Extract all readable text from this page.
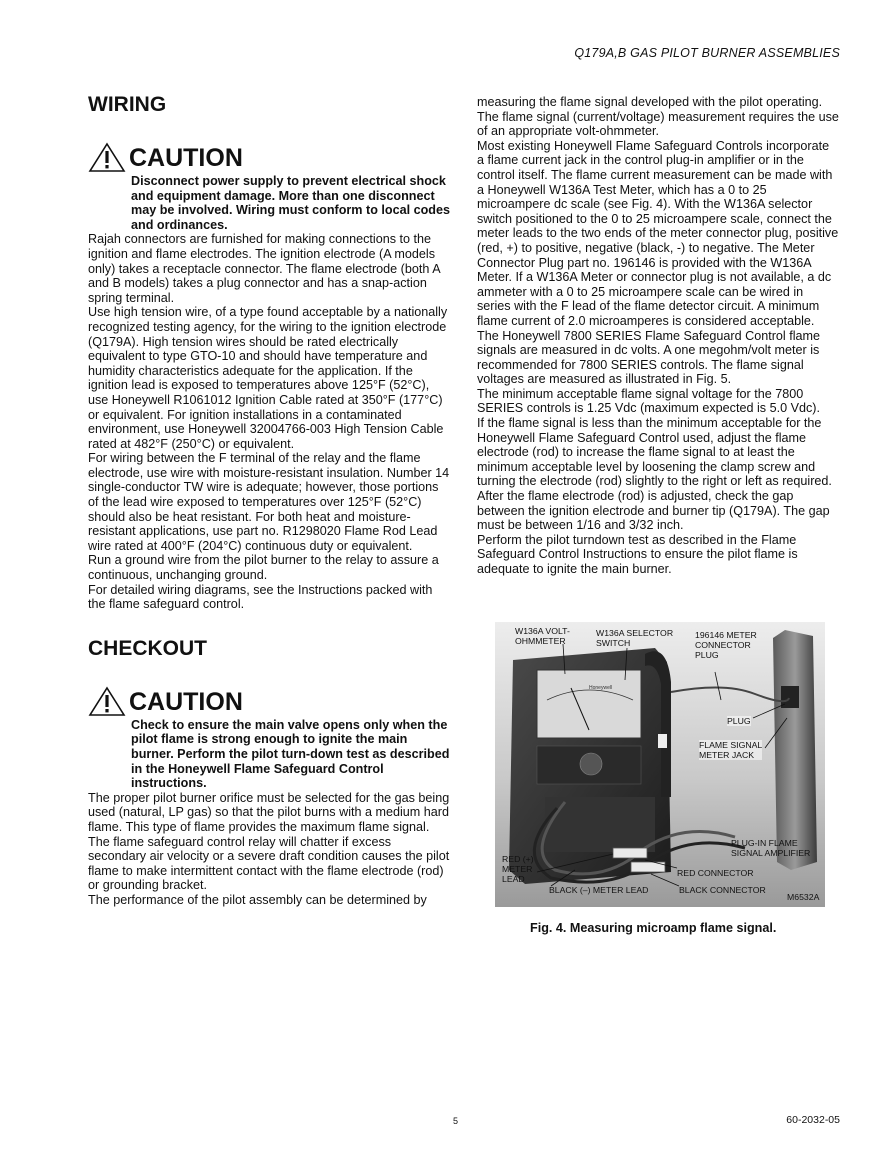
Q179A,B GAS PILOT BURNER ASSEMBLIES
WIRING
CAUTION

Disconnect power supply to prevent electrical shock and equipment damage. More than one disconnect may be involved. Wiring must conform to local codes and ordinances.

Rajah connectors are furnished for making connections to the ignition and flame electrodes. The ignition electrode (A models only) takes a receptacle connector. The flame electrode (both A and B models) takes a plug connector and has a snap-action spring terminal.

Use high tension wire, of a type found acceptable by a nationally recognized testing agency, for the wiring to the ignition electrode (Q179A). High tension wires should be rated electrically equivalent to type GTO-10 and should have temperature and humidity characteristics adequate for the application. If the ignition lead is exposed to temperatures above 125°F (52°C), use Honeywell R1061012 Ignition Cable rated at 350°F (177°C) or equivalent. For ignition installations in a contaminated environment, use Honeywell 32004766-003 High Tension Cable rated at 482°F (250°C) or equivalent.

For wiring between the F terminal of the relay and the flame electrode, use wire with moisture-resistant insulation. Number 14 single-conductor TW wire is adequate; however, those portions of the lead wire exposed to temperatures over 125°F (52°C) should also be heat resistant. For both heat and moisture-resistant applications, use part no. R1298020 Flame Rod Lead wire rated at 400°F (204°C) continuous duty or equivalent.

Run a ground wire from the pilot burner to the relay to assure a continuous, unchanging ground.

For detailed wiring diagrams, see the Instructions packed with the flame safeguard control.

CHECKOUT
CAUTION

Check to ensure the main valve opens only when the pilot flame is strong enough to ignite the main burner. Perform the pilot turn-down test as described in the Honeywell Flame Safeguard Control instructions.

The proper pilot burner orifice must be selected for the gas being used (natural, LP gas) so that the pilot burns with a medium hard flame. This type of flame provides the maximum flame signal.

The flame safeguard control relay will chatter if excess secondary air velocity or a severe draft condition causes the pilot flame to make intermittent contact with the flame electrode (rod) or grounding bracket.

The performance of the pilot assembly can be determined by

measuring the flame signal developed with the pilot operating. The flame signal (current/voltage) measurement requires the use of an appropriate volt-ohmmeter.

Most existing Honeywell Flame Safeguard Controls incorporate a flame current jack in the control plug-in amplifier or in the control itself. The flame current measurement can be made with a Honeywell W136A Test Meter, which has a 0 to 25 microampere dc scale (see Fig. 4). With the W136A selector switch positioned to the 0 to 25 microampere scale, connect the meter leads to the two ends of the meter connector plug, positive (red, +) to positive, negative (black, -) to negative. The Meter Connector Plug part no. 196146 is provided with the W136A Meter. If a W136A Meter or connector plug is not available, a dc ammeter with a 0 to 25 microampere scale can be wired in series with the F lead of the flame detector circuit. A minimum flame current of 2.0 microamperes is considered acceptable.

The Honeywell 7800 SERIES Flame Safeguard Control flame signals are measured in dc volts. A one megohm/volt meter is recommended for 7800 SERIES controls. The flame signal voltages are measured as illustrated in Fig. 5.

The minimum acceptable flame signal voltage for the 7800 SERIES controls is 1.25 Vdc (maximum expected is 5.0 Vdc).

If the flame signal is less than the minimum acceptable for the Honeywell Flame Safeguard Control used, adjust the flame electrode (rod) to increase the flame signal to at least the minimum acceptable level by loosening the clamp screw and turning the electrode (rod) slightly to the right or left as required. After the flame electrode (rod) is adjusted, check the gap between the ignition electrode and burner tip (Q179A). The gap must be between 1/16 and 3/32 inch.

Perform the pilot turndown test as described in the Flame Safeguard Control Instructions to ensure the pilot flame is adequate to ignite the main burner.

W136A VOLT-
OHMMETER
W136A SELECTOR
SWITCH
196146 METER
CONNECTOR
PLUG
Honeywell
PLUG
FLAME SIGNAL
METER JACK
PLUG-IN FLAME
SIGNAL AMPLIFIER
RED (+)
METER
LEAD
RED CONNECTOR
BLACK (–) METER LEAD	BLACK CONNECTOR
M6532A
Fig. 4. Measuring microamp flame signal.
5	60-2032-05
